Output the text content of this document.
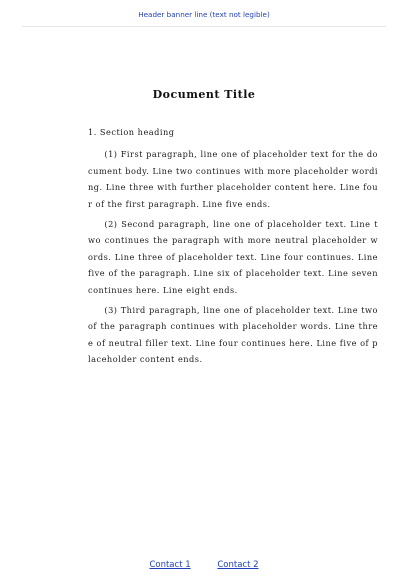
Header banner line (text not legible)
Document Title

1. Section heading

(1) First paragraph, line one of placeholder text for the document body. Line two continues with more placeholder wording. Line three with further placeholder content here. Line four of the first paragraph. Line five ends.

(2) Second paragraph, line one of placeholder text. Line two continues the paragraph with more neutral placeholder words. Line three of placeholder text. Line four continues. Line five of the paragraph. Line six of placeholder text. Line seven continues here. Line eight ends.

(3) Third paragraph, line one of placeholder text. Line two of the paragraph continues with placeholder words. Line three of neutral filler text. Line four continues here. Line five of placeholder content ends.

Contact 1	Contact 2
